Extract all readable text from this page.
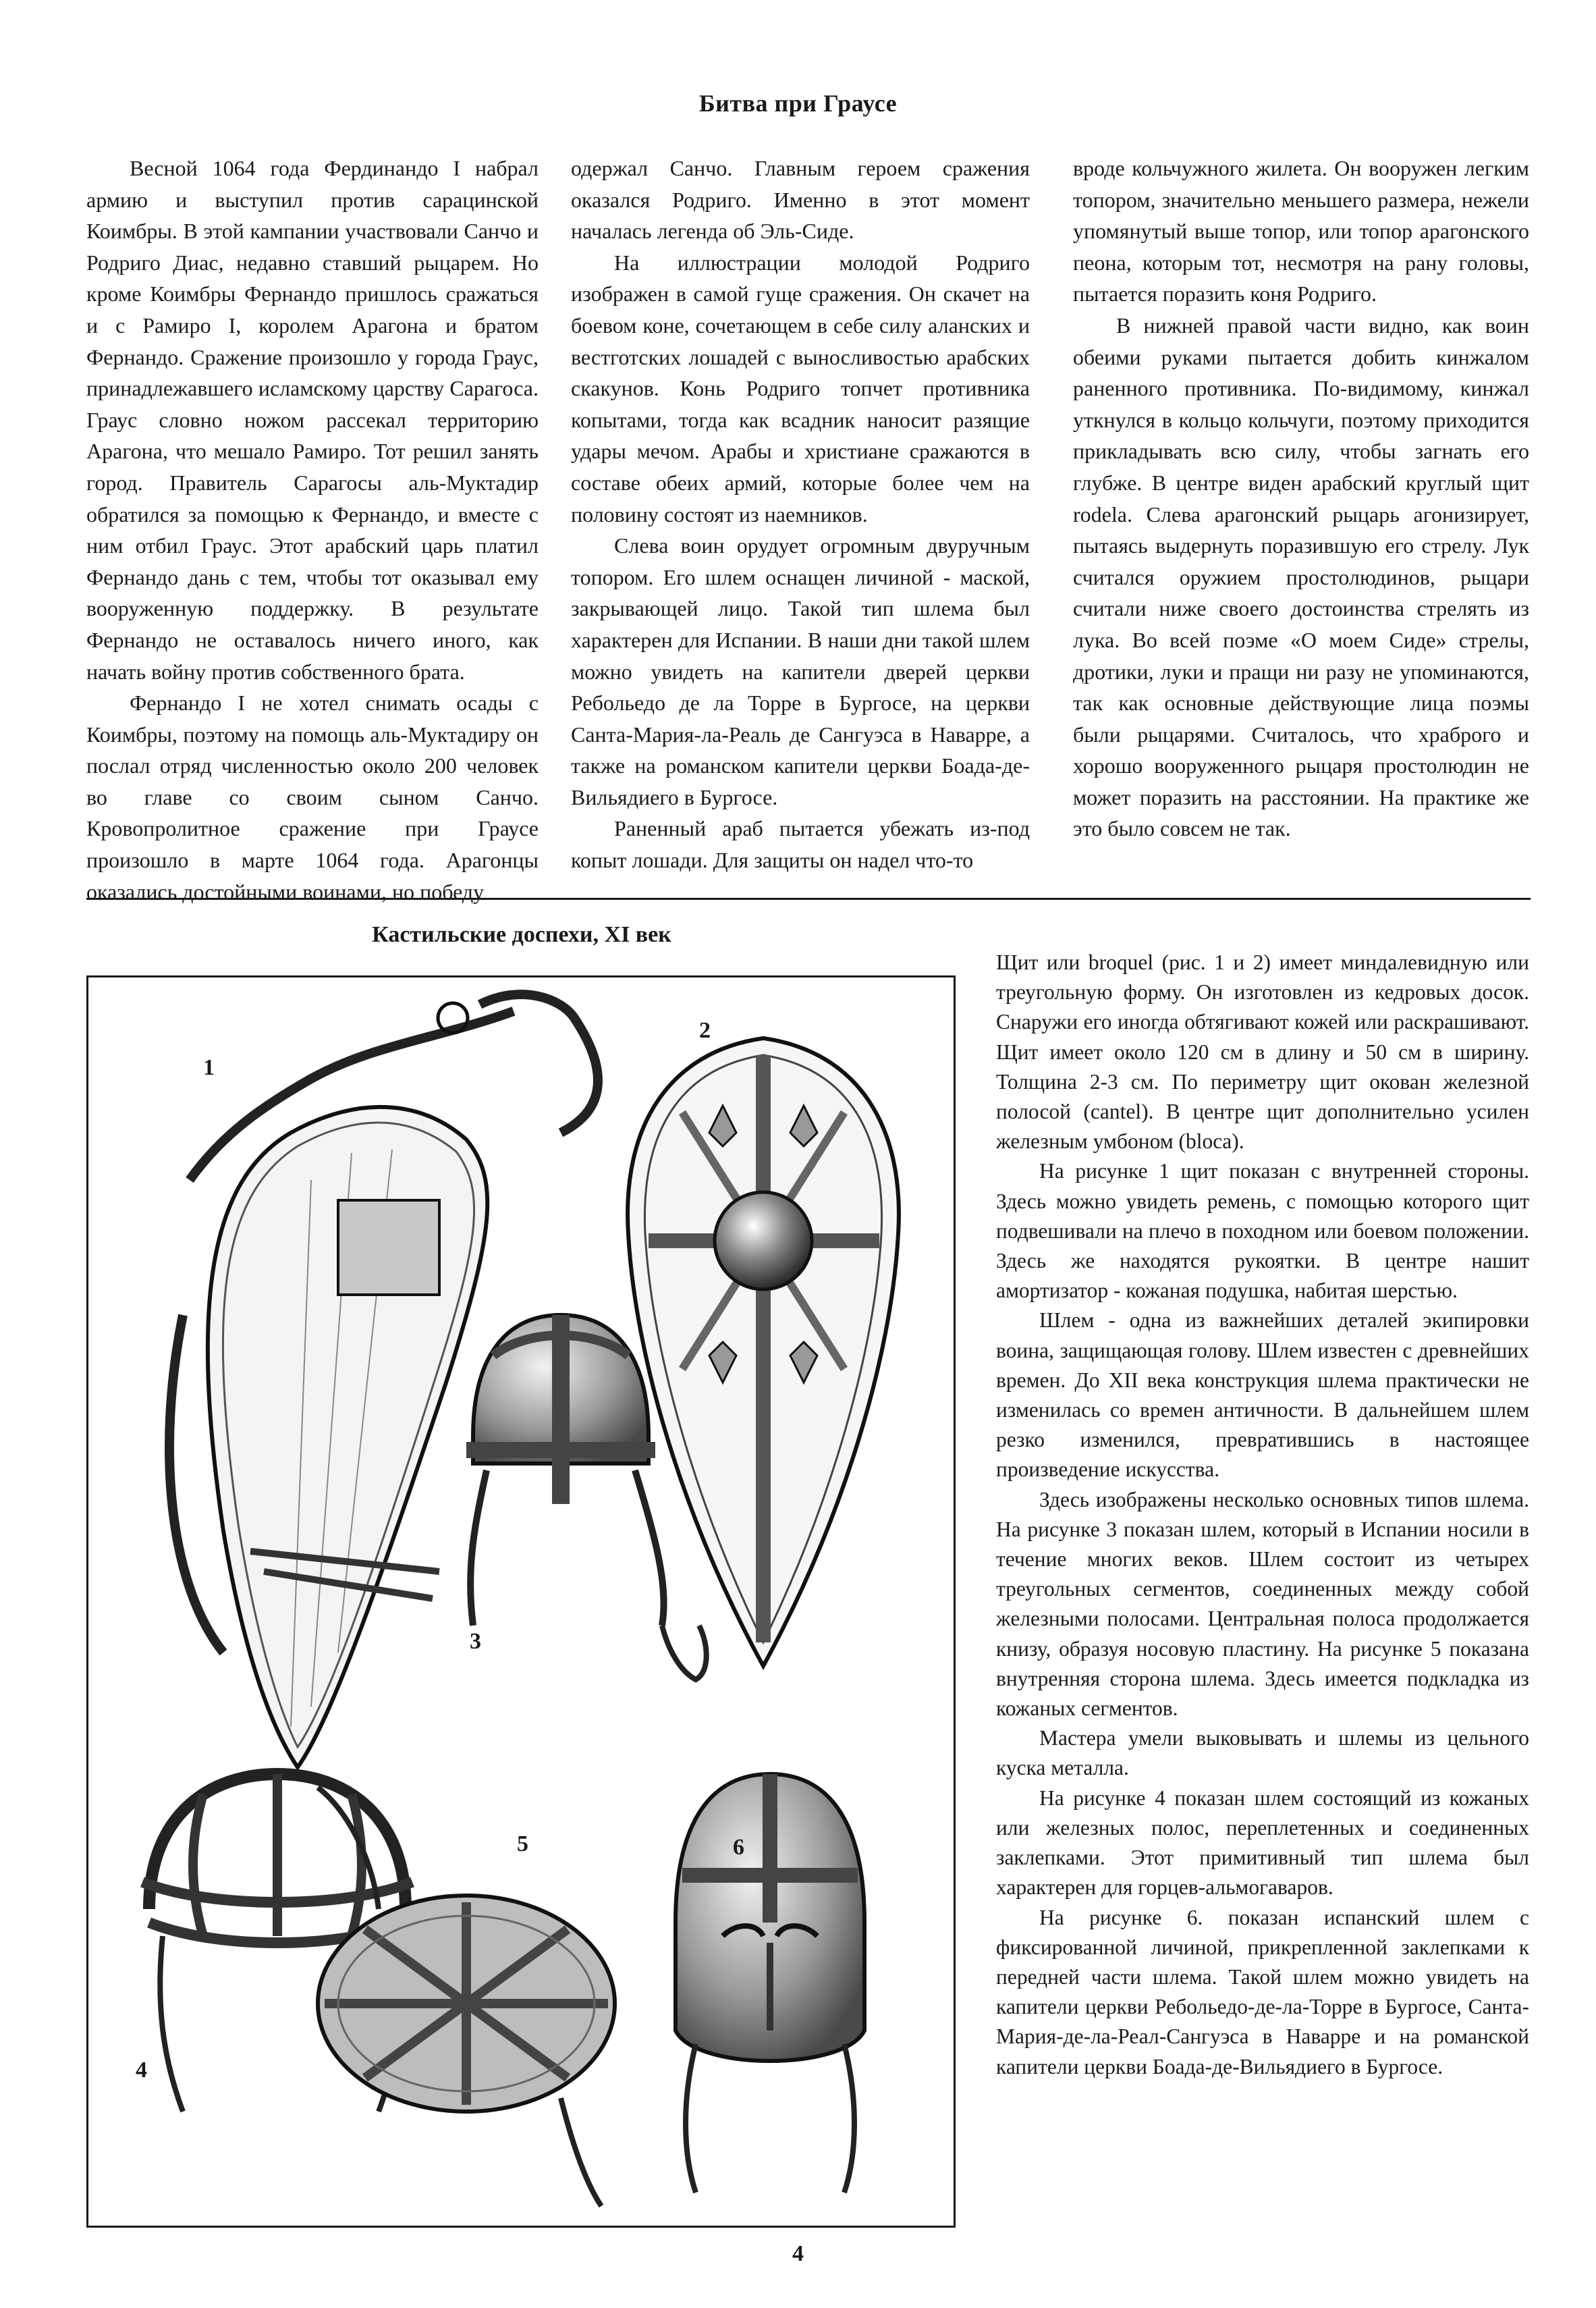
Битва при Граусе

Весной 1064 года Фердинандо I набрал армию и выступил против сарацинской Коимбры. В этой кампании участвовали Санчо и Родриго Диас, недавно ставший рыцарем. Но кроме Коимбры Фернандо пришлось сражаться и с Рамиро I, королем Арагона и братом Фернандо. Сражение произошло у города Граус, принадлежавшего исламскому царству Сарагоса. Граус словно ножом рассекал территорию Арагона, что мешало Рамиро. Тот решил занять город. Правитель Сарагосы аль-Муктадир обратился за помощью к Фернандо, и вместе с ним отбил Граус. Этот арабский царь платил Фернандо дань с тем, чтобы тот оказывал ему вооруженную поддержку. В результате Фернандо не оставалось ничего иного, как начать войну против собственного брата.

Фернандо I не хотел снимать осады с Коимбры, поэтому на помощь аль-Муктадиру он послал отряд численностью около 200 человек во главе со своим сыном Санчо. Кровопролитное сражение при Граусе произошло в марте 1064 года. Арагонцы оказались достойными воинами, но победу

одержал Санчо. Главным героем сражения оказался Родриго. Именно в этот момент началась легенда об Эль-Сиде.

На иллюстрации молодой Родриго изображен в самой гуще сражения. Он скачет на боевом коне, сочетающем в себе силу аланских и вестготских лошадей с выносливостью арабских скакунов. Конь Родриго топчет противника копытами, тогда как всадник наносит разящие удары мечом. Арабы и христиане сражаются в составе обеих армий, которые более чем на половину состоят из наемников.

Слева воин орудует огромным двуручным топором. Его шлем оснащен личиной - маской, закрывающей лицо. Такой тип шлема был характерен для Испании. В наши дни такой шлем можно увидеть на капители дверей церкви Ребольедо де ла Торре в Бургосе, на церкви Санта-Мария-ла-Реаль де Сангуэса в Наварре, а также на романском капители церкви Боада-де-Вильядиего в Бургосе.

Раненный араб пытается убежать из-под копыт лошади. Для защиты он надел что-то

вроде кольчужного жилета. Он вооружен легким топором, значительно меньшего размера, нежели упомянутый выше топор, или топор арагонского пеона, которым тот, несмотря на рану головы, пытается поразить коня Родриго.

В нижней правой части видно, как воин обеими руками пытается добить кинжалом раненного противника. По-видимому, кинжал уткнулся в кольцо кольчуги, поэтому приходится прикладывать всю силу, чтобы загнать его глубже. В центре виден арабский круглый щит rodela. Слева арагонский рыцарь агонизирует, пытаясь выдернуть поразившую его стрелу. Лук считался оружием простолюдинов, рыцари считали ниже своего достоинства стрелять из лука. Во всей поэме «О моем Сиде» стрелы, дротики, луки и пращи ни разу не упоминаются, так как основные действующие лица поэмы были рыцарями. Считалось, что храброго и хорошо вооруженного рыцаря простолюдин не может поразить на расстоянии. На практике же это было совсем не так.

Кастильские доспехи, XI век
1
2
3
4
5	6

Щит или broquel (рис. 1 и 2) имеет миндалевидную или треугольную форму. Он изготовлен из кедровых досок. Снаружи его иногда обтягивают кожей или раскрашивают. Щит имеет около 120 см в длину и 50 см в ширину. Толщина 2-3 см. По периметру щит окован железной полосой (cantel). В центре щит дополнительно усилен железным умбоном (bloca).

На рисунке 1 щит показан с внутренней стороны. Здесь можно увидеть ремень, с помощью которого щит подвешивали на плечо в походном или боевом положении. Здесь же находятся рукоятки. В центре нашит амортизатор - кожаная подушка, набитая шерстью.

Шлем - одна из важнейших деталей экипировки воина, защищающая голову. Шлем известен с древнейших времен. До XII века конструкция шлема практически не изменилась со времен античности. В дальнейшем шлем резко изменился, превратившись в настоящее произведение искусства.

Здесь изображены несколько основных типов шлема. На рисунке 3 показан шлем, который в Испании носили в течение многих веков. Шлем состоит из четырех треугольных сегментов, соединенных между собой железными полосами. Центральная полоса продолжается книзу, образуя носовую пластину. На рисунке 5 показана внутренняя сторона шлема. Здесь имеется подкладка из кожаных сегментов.

Мастера умели выковывать и шлемы из цельного куска металла.

На рисунке 4 показан шлем состоящий из кожаных или железных полос, переплетенных и соединенных заклепками. Этот примитивный тип шлема был характерен для горцев-альмогаваров.

На рисунке 6. показан испанский шлем с фиксированной личиной, прикрепленной заклепками к передней части шлема. Такой шлем можно увидеть на капители церкви Ребольедо-де-ла-Торре в Бургосе, Санта-Мария-де-ла-Реал-Сангуэса в Наварре и на романской капители церкви Боада-де-Вильядиего в Бургосе.

4
